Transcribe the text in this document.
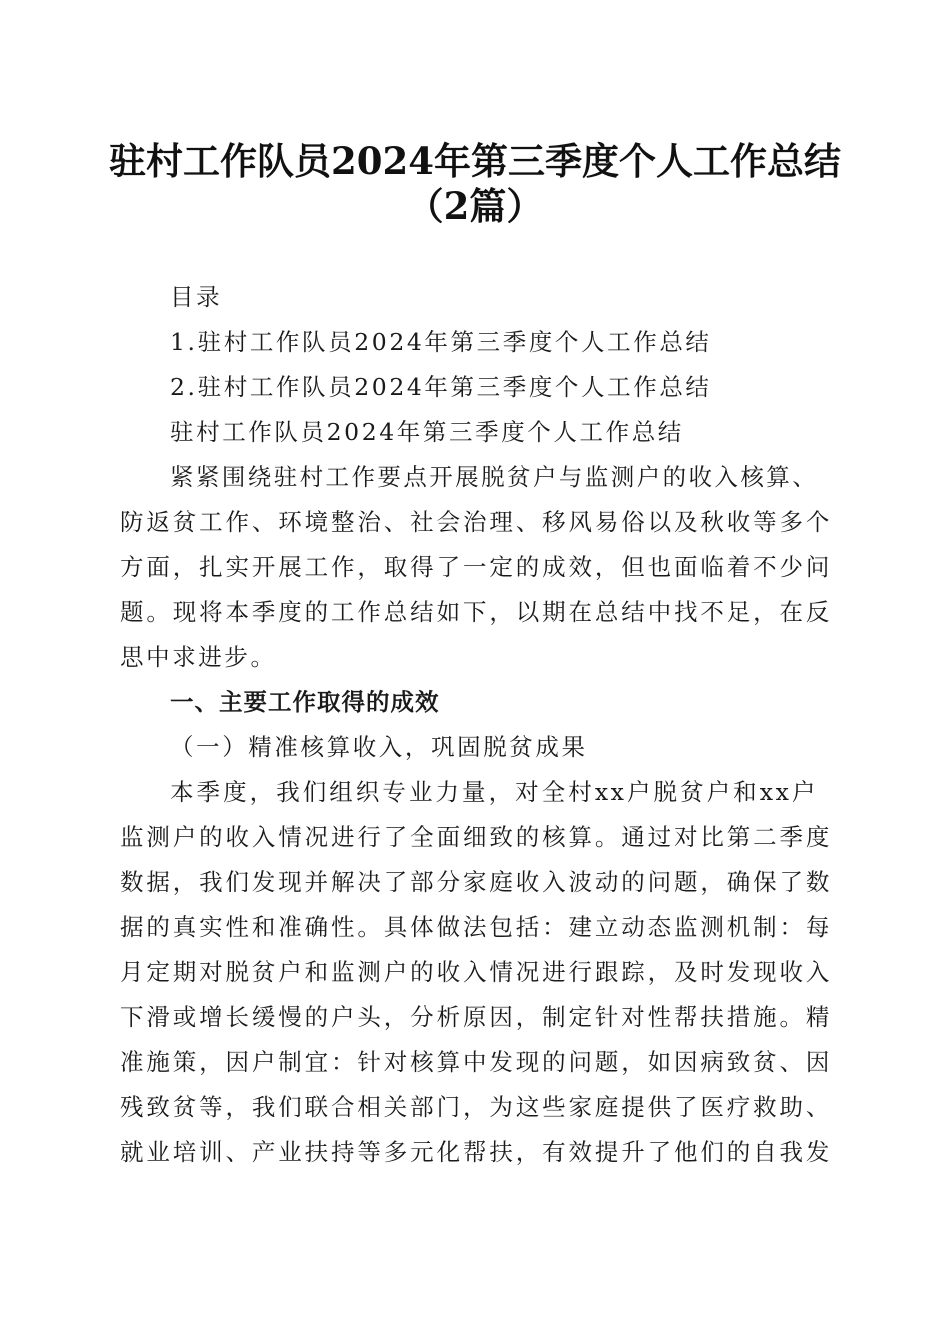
驻村工作队员2024年第三季度个人工作总结
（2篇）
目录
1.驻村工作队员2024年第三季度个人工作总结
2.驻村工作队员2024年第三季度个人工作总结
驻村工作队员2024年第三季度个人工作总结
紧紧围绕驻村工作要点开展脱贫户与监测户的收入核算、
防返贫工作、环境整治、社会治理、移风易俗以及秋收等多个
方面，扎实开展工作，取得了一定的成效，但也面临着不少问
题。现将本季度的工作总结如下，以期在总结中找不足，在反
思中求进步。
一、主要工作取得的成效
（一）精准核算收入，巩固脱贫成果
本季度，我们组织专业力量，对全村xx户脱贫户和xx户
监测户的收入情况进行了全面细致的核算。通过对比第二季度
数据，我们发现并解决了部分家庭收入波动的问题，确保了数
据的真实性和准确性。具体做法包括：建立动态监测机制：每
月定期对脱贫户和监测户的收入情况进行跟踪，及时发现收入
下滑或增长缓慢的户头，分析原因，制定针对性帮扶措施。精
准施策，因户制宜：针对核算中发现的问题，如因病致贫、因
残致贫等，我们联合相关部门，为这些家庭提供了医疗救助、
就业培训、产业扶持等多元化帮扶，有效提升了他们的自我发
